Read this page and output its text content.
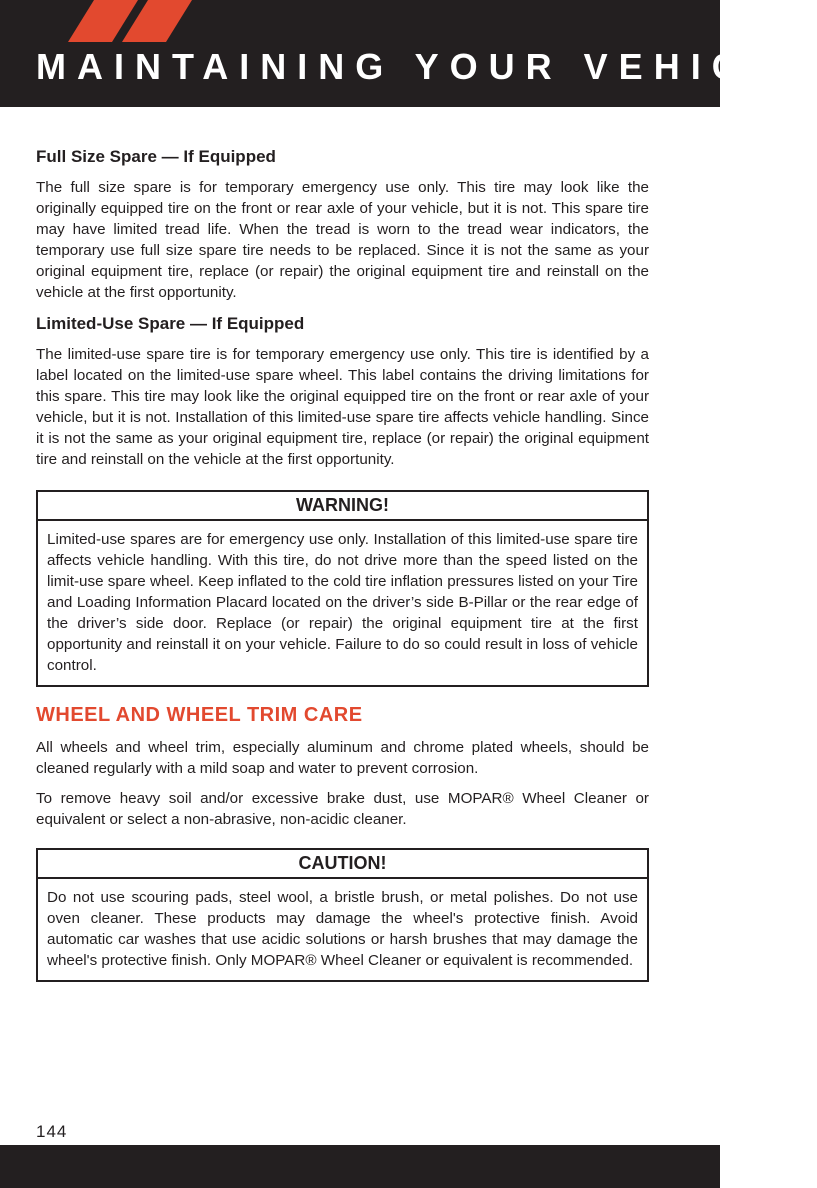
MAINTAINING YOUR VEHICLE
Full Size Spare — If Equipped

The full size spare is for temporary emergency use only. This tire may look like the originally equipped tire on the front or rear axle of your vehicle, but it is not. This spare tire may have limited tread life. When the tread is worn to the tread wear indicators, the temporary use full size spare tire needs to be replaced. Since it is not the same as your original equipment tire, replace (or repair) the original equipment tire and reinstall on the vehicle at the first opportunity.

Limited-Use Spare — If Equipped

The limited-use spare tire is for temporary emergency use only. This tire is identified by a label located on the limited-use spare wheel. This label contains the driving limitations for this spare. This tire may look like the original equipped tire on the front or rear axle of your vehicle, but it is not. Installation of this limited-use spare tire affects vehicle handling. Since it is not the same as your original equipment tire, replace (or repair) the original equipment tire and reinstall on the vehicle at the first opportunity.

WARNING!

Limited-use spares are for emergency use only. Installation of this limited-use spare tire affects vehicle handling. With this tire, do not drive more than the speed listed on the limit-use spare wheel. Keep inflated to the cold tire inflation pressures listed on your Tire and Loading Information Placard located on the driver’s side B-Pillar or the rear edge of the driver’s side door. Replace (or repair) the original equipment tire at the first opportunity and reinstall it on your vehicle. Failure to do so could result in loss of vehicle control.

WHEEL AND WHEEL TRIM CARE

All wheels and wheel trim, especially aluminum and chrome plated wheels, should be cleaned regularly with a mild soap and water to prevent corrosion.

To remove heavy soil and/or excessive brake dust, use MOPAR® Wheel Cleaner or equivalent or select a non-abrasive, non-acidic cleaner.

CAUTION!

Do not use scouring pads, steel wool, a bristle brush, or metal polishes. Do not use oven cleaner. These products may damage the wheel's protective finish. Avoid automatic car washes that use acidic solutions or harsh brushes that may damage the wheel's protective finish. Only MOPAR® Wheel Cleaner or equivalent is recommended.

144
